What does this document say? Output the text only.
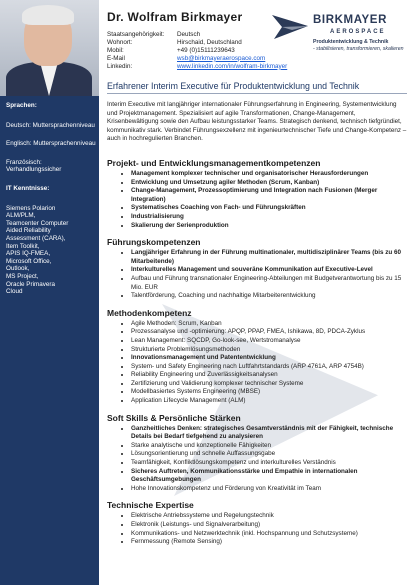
Sprachen:
Deutsch: Muttersprachenniveau
Englisch: Muttersprachenniveau
Französisch: Verhandlungssicher
IT Kenntnisse:
Siemens Polarion
ALM/PLM,
Teamcenter Computer
Aided Reliability
Assessment (CARA),
Item Toolkit,
APIS IQ-FMEA,
Microsoft Office,
Outlook,
MS Project,
Oracle Primavera
Cloud
Dr. Wolfram Birkmayer
Staatsangehörigkeit:	Deutsch
Wohnort:	Hirschaid, Deutschland
Mobil:	+49 (0)15111239643
E-Mail	wsb@birkmayeraerospace.com
Linkedin:	www.linkedin.com/in/wolfram-birkmayer
BIRKMAYER
AEROSPACE
Produktentwicklung & Technik
- stabilisieren, transformieren, skalieren
Erfahrener Interim Executive für Produktentwicklung und Technik
Interim Executive mit langjähriger internationaler Führungserfahrung in Engineering, Systementwicklung und Projektmanagement. Spezialisiert auf agile Transformationen, Change-Management, Krisenbewältigung sowie den Aufbau leistungsstarker Teams. Strategisch denkend, technisch tiefgründiet, kommunikativ stark. Verbindet Führungsexzellenz mit ingenieurtechnischer Tiefe und Change-Kompetenz – auch in hochregulierten Branchen.
Projekt- und Entwicklungsmanagementkompetenzen
• Management komplexer technischer und organisatorischer Herausforderungen
• Entwicklung und Umsetzung agiler Methoden (Scrum, Kanban)
• Change-Management, Prozessoptimierung und Integration nach Fusionen (Merger Integration)
• Systematisches Coaching von Fach- und Führungskräften
• Industrialisierung
• Skalierung der Serienproduktion
Führungskompetenzen
• Langjähriger Erfahrung in der Führung multinationaler, multidisziplinärer Teams (bis zu 60 Mitarbeitende)
• Interkulturelles Management und souveräne Kommunikation auf Executive-Level
• Aufbau und Führung transnationaler Engineering-Abteilungen mit Budgetverantwortung bis zu 15 Mio. EUR
• Talentförderung, Coaching und nachhaltige Mitarbeiterentwicklung
Methodenkompetenz
• Agile Methoden: Scrum, Kanban
• Prozessanalyse und -optimierung: APQP, PPAP, FMEA, Ishikawa, 8D, PDCA-Zyklus
• Lean Management: SQCDP, Go-look-see, Wertstromanalyse
• Strukturierte Problemlösungsmethoden
• Innovationsmanagement und Patententwicklung
• System- und Safety Engineering nach Luftfahrtstandards (ARP 4761A, ARP 4754B)
• Reliability Engineering und Zuverlässigkeitsanalysen
• Zertifizierung und Validierung komplexer technischer Systeme
• Modellbasiertes Systems Engineering (MBSE)
• Application Lifecycle Management (ALM)
Soft Skills & Persönliche Stärken
• Ganzheitliches Denken: strategisches Gesamtverständnis mit der Fähigkeit, technische Details bei Bedarf tiefgehend zu analysieren
• Starke analytische und konzeptionelle Fähigkeiten
• Lösungsorientierung und schnelle Auffassungsgabe
• Teamfähigkeit, Konfliktlösungskompetenz und interkulturelles Verständnis
• Sicheres Auftreten, Kommunikationsstärke und Empathie in internationalen Geschäftsumgebungen
• Hohe Innovationskompetenz und Förderung von Kreativität im Team
Technische Expertise
• Elektrische Antriebssysteme und Regelungstechnik
• Elektronik (Leistungs- und Signalverarbeitung)
• Kommunikations- und Netzwerktechnik (inkl. Hochspannung und Schutzsysteme)
• Fernmessung (Remote Sensing)
